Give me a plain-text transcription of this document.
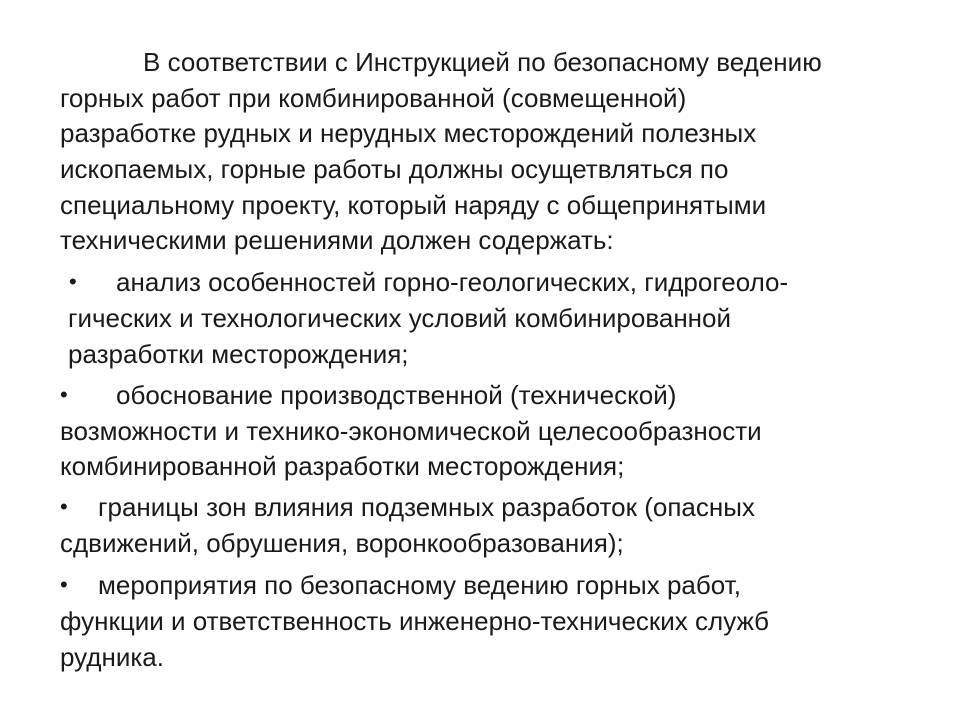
В соответствии с Инструкцией по безопасному ведению
горных работ при комбинированной (совмещенной)
разработке рудных и нерудных месторождений полезных
ископаемых, горные работы должны осущетвляться по
специальному проекту, который наряду с общепринятыми
техническими решениями должен содержать:
• анализ особенностей горно-геологических, гидрогеоло-
гических и технологических условий комбинированной
разработки месторождения;
• обоснование производственной (технической)
возможности и технико-экономической целесообразности
комбинированной разработки месторождения;
• границы зон влияния подземных разработок (опасных
сдвижений, обрушения, воронкообразования);
• мероприятия по безопасному ведению горных работ,
функции и ответственность инженерно-технических служб
рудника.
